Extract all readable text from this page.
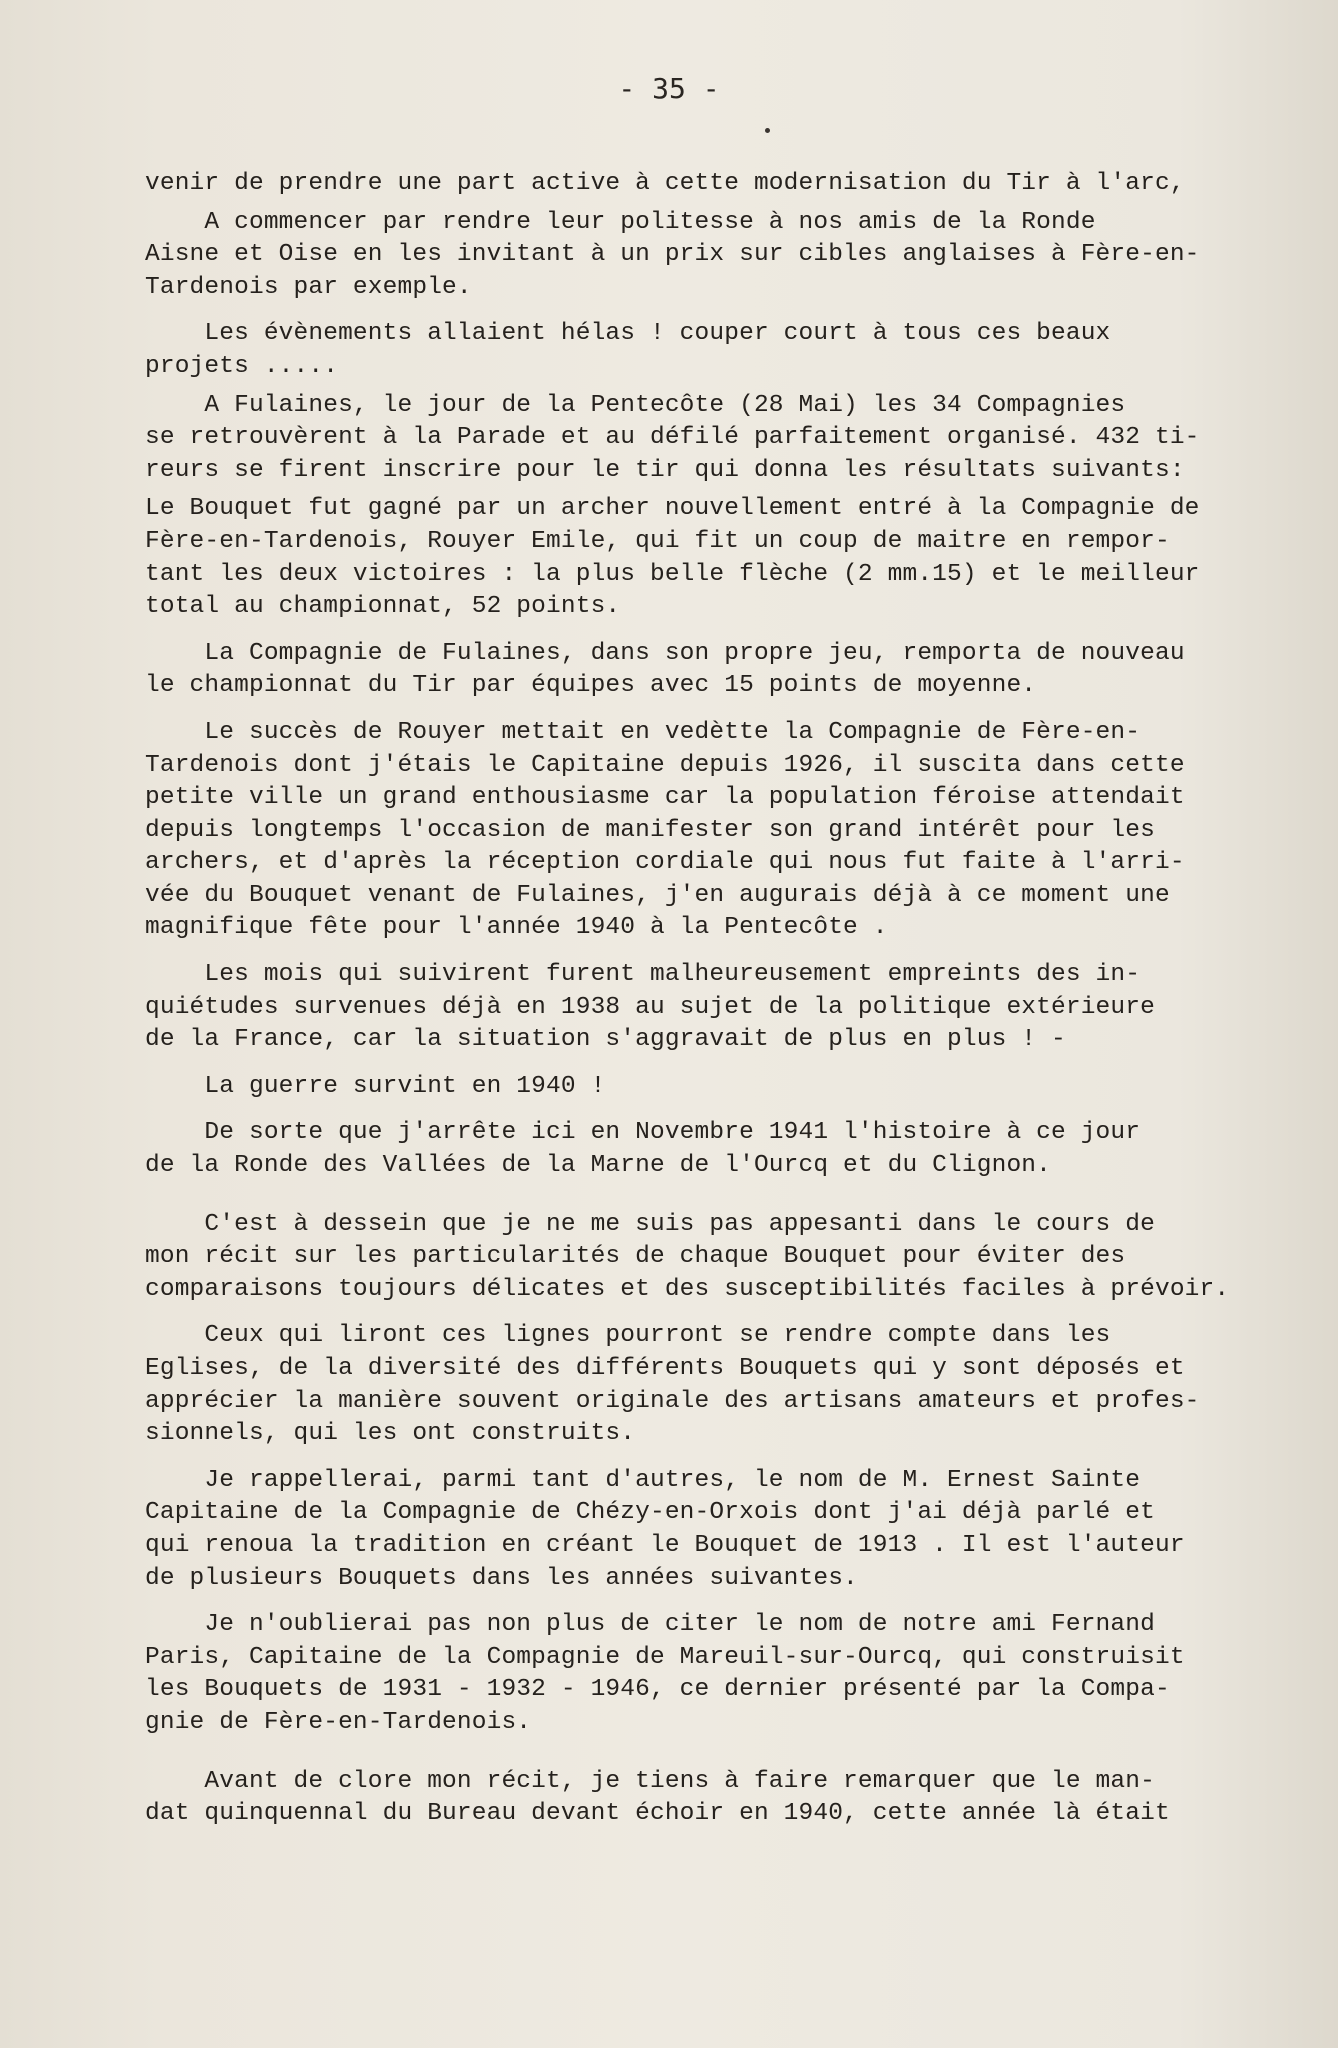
- 35 -
venir de prendre une part active à cette modernisation du Tir à l'arc,
A commencer par rendre leur politesse à nos amis de la Ronde
Aisne et Oise en les invitant à un prix sur cibles anglaises à Fère-en-
Tardenois par exemple.
Les évènements allaient hélas ! couper court à tous ces beaux
projets .....
A Fulaines, le jour de la Pentecôte (28 Mai) les 34 Compagnies
se retrouvèrent à la Parade et au défilé parfaitement organisé. 432 ti-
reurs se firent inscrire pour le tir qui donna les résultats suivants:
Le Bouquet fut gagné par un archer nouvellement entré à la Compagnie de
Fère-en-Tardenois, Rouyer Emile, qui fit un coup de maitre en rempor-
tant les deux victoires : la plus belle flèche (2 mm.15) et le meilleur
total au championnat, 52 points.
La Compagnie de Fulaines, dans son propre jeu, remporta de nouveau
le championnat du Tir par équipes avec 15 points de moyenne.
Le succès de Rouyer mettait en vedètte la Compagnie de Fère-en-
Tardenois dont j'étais le Capitaine depuis 1926, il suscita dans cette
petite ville un grand enthousiasme car la population féroise attendait
depuis longtemps l'occasion de manifester son grand intérêt pour les
archers, et d'après la réception cordiale qui nous fut faite à l'arri-
vée du Bouquet venant de Fulaines, j'en augurais déjà à ce moment une
magnifique fête pour l'année 1940 à la Pentecôte .
Les mois qui suivirent furent malheureusement empreints des in-
quiétudes survenues déjà en 1938 au sujet de la politique extérieure
de la France, car la situation s'aggravait de plus en plus ! -
La guerre survint en 1940 !
De sorte que j'arrête ici en Novembre 1941 l'histoire à ce jour
de la Ronde des Vallées de la Marne de l'Ourcq et du Clignon.
C'est à dessein que je ne me suis pas appesanti dans le cours de
mon récit sur les particularités de chaque Bouquet pour éviter des
comparaisons toujours délicates et des susceptibilités faciles à prévoir.
Ceux qui liront ces lignes pourront se rendre compte dans les
Eglises, de la diversité des différents Bouquets qui y sont déposés et
apprécier la manière souvent originale des artisans amateurs et profes-
sionnels, qui les ont construits.
Je rappellerai, parmi tant d'autres, le nom de M. Ernest Sainte
Capitaine de la Compagnie de Chézy-en-Orxois dont j'ai déjà parlé et
qui renoua la tradition en créant le Bouquet de 1913 . Il est l'auteur
de plusieurs Bouquets dans les années suivantes.
Je n'oublierai pas non plus de citer le nom de notre ami Fernand
Paris, Capitaine de la Compagnie de Mareuil-sur-Ourcq, qui construisit
les Bouquets de 1931 - 1932 - 1946, ce dernier présenté par la Compa-
gnie de Fère-en-Tardenois.
Avant de clore mon récit, je tiens à faire remarquer que le man-
dat quinquennal du Bureau devant échoir en 1940, cette année là était
